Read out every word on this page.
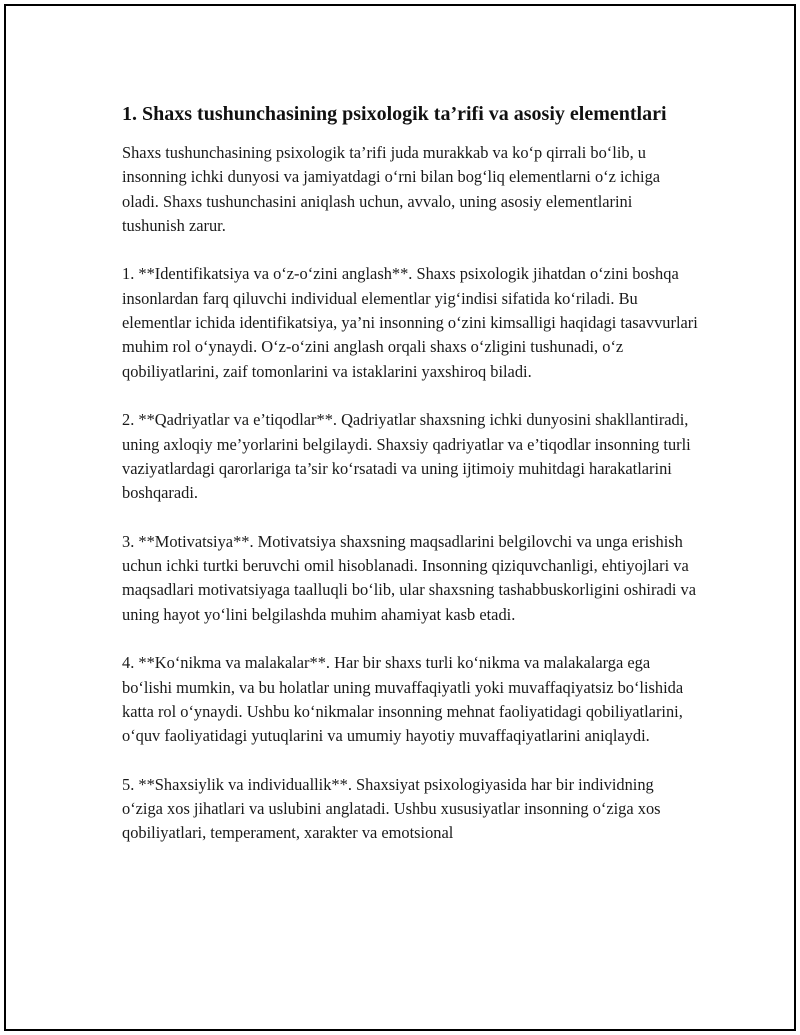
1. Shaxs tushunchasining psixologik ta’rifi va asosiy elementlari

Shaxs tushunchasining psixologik ta’rifi juda murakkab va ko‘p qirrali bo‘lib, u insonning ichki dunyosi va jamiyatdagi o‘rni bilan bog‘liq elementlarni o‘z ichiga oladi. Shaxs tushunchasini aniqlash uchun, avvalo, uning asosiy elementlarini tushunish zarur.

1. **Identifikatsiya va o‘z-o‘zini anglash**. Shaxs psixologik jihatdan o‘zini boshqa insonlardan farq qiluvchi individual elementlar yig‘indisi sifatida ko‘riladi. Bu elementlar ichida identifikatsiya, ya’ni insonning o‘zini kimsalligi haqidagi tasavvurlari muhim rol o‘ynaydi. O‘z-o‘zini anglash orqali shaxs o‘zligini tushunadi, o‘z qobiliyatlarini, zaif tomonlarini va istaklarini yaxshiroq biladi.

2. **Qadriyatlar va e’tiqodlar**. Qadriyatlar shaxsning ichki dunyosini shakllantiradi, uning axloqiy me’yorlarini belgilaydi. Shaxsiy qadriyatlar va e’tiqodlar insonning turli vaziyatlardagi qarorlariga ta’sir ko‘rsatadi va uning ijtimoiy muhitdagi harakatlarini boshqaradi.

3. **Motivatsiya**. Motivatsiya shaxsning maqsadlarini belgilovchi va unga erishish uchun ichki turtki beruvchi omil hisoblanadi. Insonning qiziquvchanligi, ehtiyojlari va maqsadlari motivatsiyaga taalluqli bo‘lib, ular shaxsning tashabbuskorligini oshiradi va uning hayot yo‘lini belgilashda muhim ahamiyat kasb etadi.

4. **Ko‘nikma va malakalar**. Har bir shaxs turli ko‘nikma va malakalarga ega bo‘lishi mumkin, va bu holatlar uning muvaffaqiyatli yoki muvaffaqiyatsiz bo‘lishida katta rol o‘ynaydi. Ushbu ko‘nikmalar insonning mehnat faoliyatidagi qobiliyatlarini, o‘quv faoliyatidagi yutuqlarini va umumiy hayotiy muvaffaqiyatlarini aniqlaydi.

5. **Shaxsiylik va individuallik**. Shaxsiyat psixologiyasida har bir individning o‘ziga xos jihatlari va uslubini anglatadi. Ushbu xususiyatlar insonning o‘ziga xos qobiliyatlari, temperament, xarakter va emotsional
